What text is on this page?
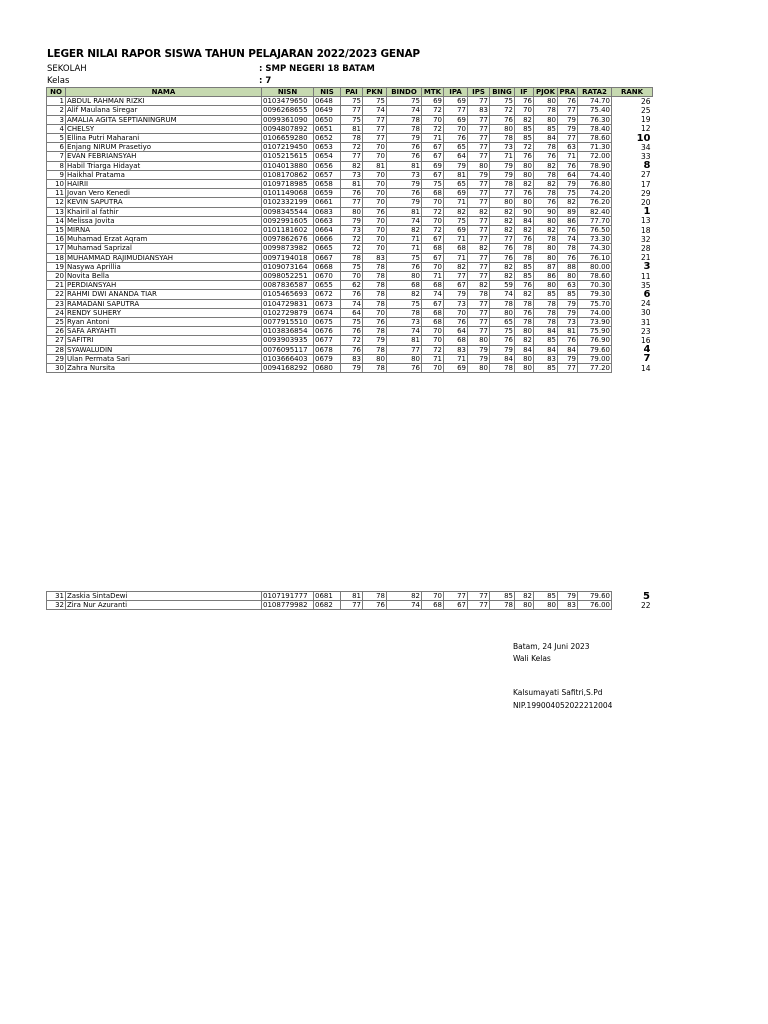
LEGER NILAI RAPOR SISWA TAHUN PELAJARAN 2022/2023 GENAP
SEKOLAH	: SMP NEGERI 18 BATAM
Kelas	: 7
NO	NAMA	NISN	NIS	PAI	PKN	BINDO	MTK	IPA	IPS	BING	IF	PJOK	PRA	RATA2	RANK
1	ABDUL RAHMAN RIZKI	0103479650	0648	75	75	75	69	69	77	75	76	80	76	74.70	26
2	Alif Maulana Siregar	0096268655	0649	77	74	74	72	77	83	72	70	78	77	75.40	25
3	AMALIA AGITA SEPTIANINGRUM	0099361090	0650	75	77	78	70	69	77	76	82	80	79	76.30	19
4	CHELSY	0094807892	0651	81	77	78	72	70	77	80	85	85	79	78.40	12
5	Ellina Putri Maharani	0106659280	0652	78	77	79	71	76	77	78	85	84	77	78.60	10
6	Enjang NIRUM Prasetiyo	0107219450	0653	72	70	76	67	65	77	73	72	78	63	71.30	34
7	EVAN FEBRIANSYAH	0105215615	0654	77	70	76	67	64	77	71	76	76	71	72.00	33
8	Habil Triarga Hidayat	0104013880	0656	82	81	81	69	79	80	79	80	82	76	78.90	8
9	Haikhal Pratama	0108170862	0657	73	70	73	67	81	79	79	80	78	64	74.40	27
10	HAIRII	0109718985	0658	81	70	79	75	65	77	78	82	82	79	76.80	17
11	Jovan Vero Kenedi	0101149068	0659	76	70	76	68	69	77	77	76	78	75	74.20	29
12	KEVIN SAPUTRA	0102332199	0661	77	70	79	70	71	77	80	80	76	82	76.20	20
13	Khairil al fathir	0098345544	0683	80	76	81	72	82	82	82	90	90	89	82.40	1
14	Melissa Jovita	0092991605	0663	79	70	74	70	75	77	82	84	80	86	77.70	13
15	MIRNA	0101181602	0664	73	70	82	72	69	77	82	82	82	76	76.50	18
16	Muhamad Erzat Aqram	0097862676	0666	72	70	71	67	71	77	77	76	78	74	73.30	32
17	Muhamad Saprizal	0099873982	0665	72	70	71	68	68	82	76	78	80	78	74.30	28
18	MUHAMMAD RAJIMUDIANSYAH	0097194018	0667	78	83	75	67	71	77	76	78	80	76	76.10	21
19	Nasywa Aprillia	0109073164	0668	75	78	76	70	82	77	82	85	87	88	80.00	3
20	Novita Bella	0098052251	0670	70	78	80	71	77	77	82	85	86	80	78.60	11
21	PERDIANSYAH	0087836587	0655	62	78	68	68	67	82	59	76	80	63	70.30	35
22	RAHMI DWI ANANDA TIAR	0105465693	0672	76	78	82	74	79	78	74	82	85	85	79.30	6
23	RAMADANI SAPUTRA	0104729831	0673	74	78	75	67	73	77	78	78	78	79	75.70	24
24	RENDY SUHERY	0102729879	0674	64	70	78	68	70	77	80	76	78	79	74.00	30
25	Ryan Antoni	0077915510	0675	75	76	73	68	76	77	65	78	78	73	73.90	31
26	SAFA ARYAHTI	0103836854	0676	76	78	74	70	64	77	75	80	84	81	75.90	23
27	SAFITRI	0093903935	0677	72	79	81	70	68	80	76	82	85	76	76.90	16
28	SYAWALUDIN	0076095117	0678	76	78	77	72	83	79	79	84	84	84	79.60	4
29	Ulan Permata Sari	0103666403	0679	83	80	80	71	71	79	84	80	83	79	79.00	7
30	Zahra Nursita	0094168292	0680	79	78	76	70	69	80	78	80	85	77	77.20	14
31	Zaskia SintaDewi	0107191777	0681	81	78	82	70	77	77	85	82	85	79	79.60	5
32	Zira Nur Azuranti	0108779982	0682	77	76	74	68	67	77	78	80	80	83	76.00	22
Batam, 24 Juni 2023
Wali Kelas
Kalsumayati Safitri,S.Pd
NIP.199004052022212004
